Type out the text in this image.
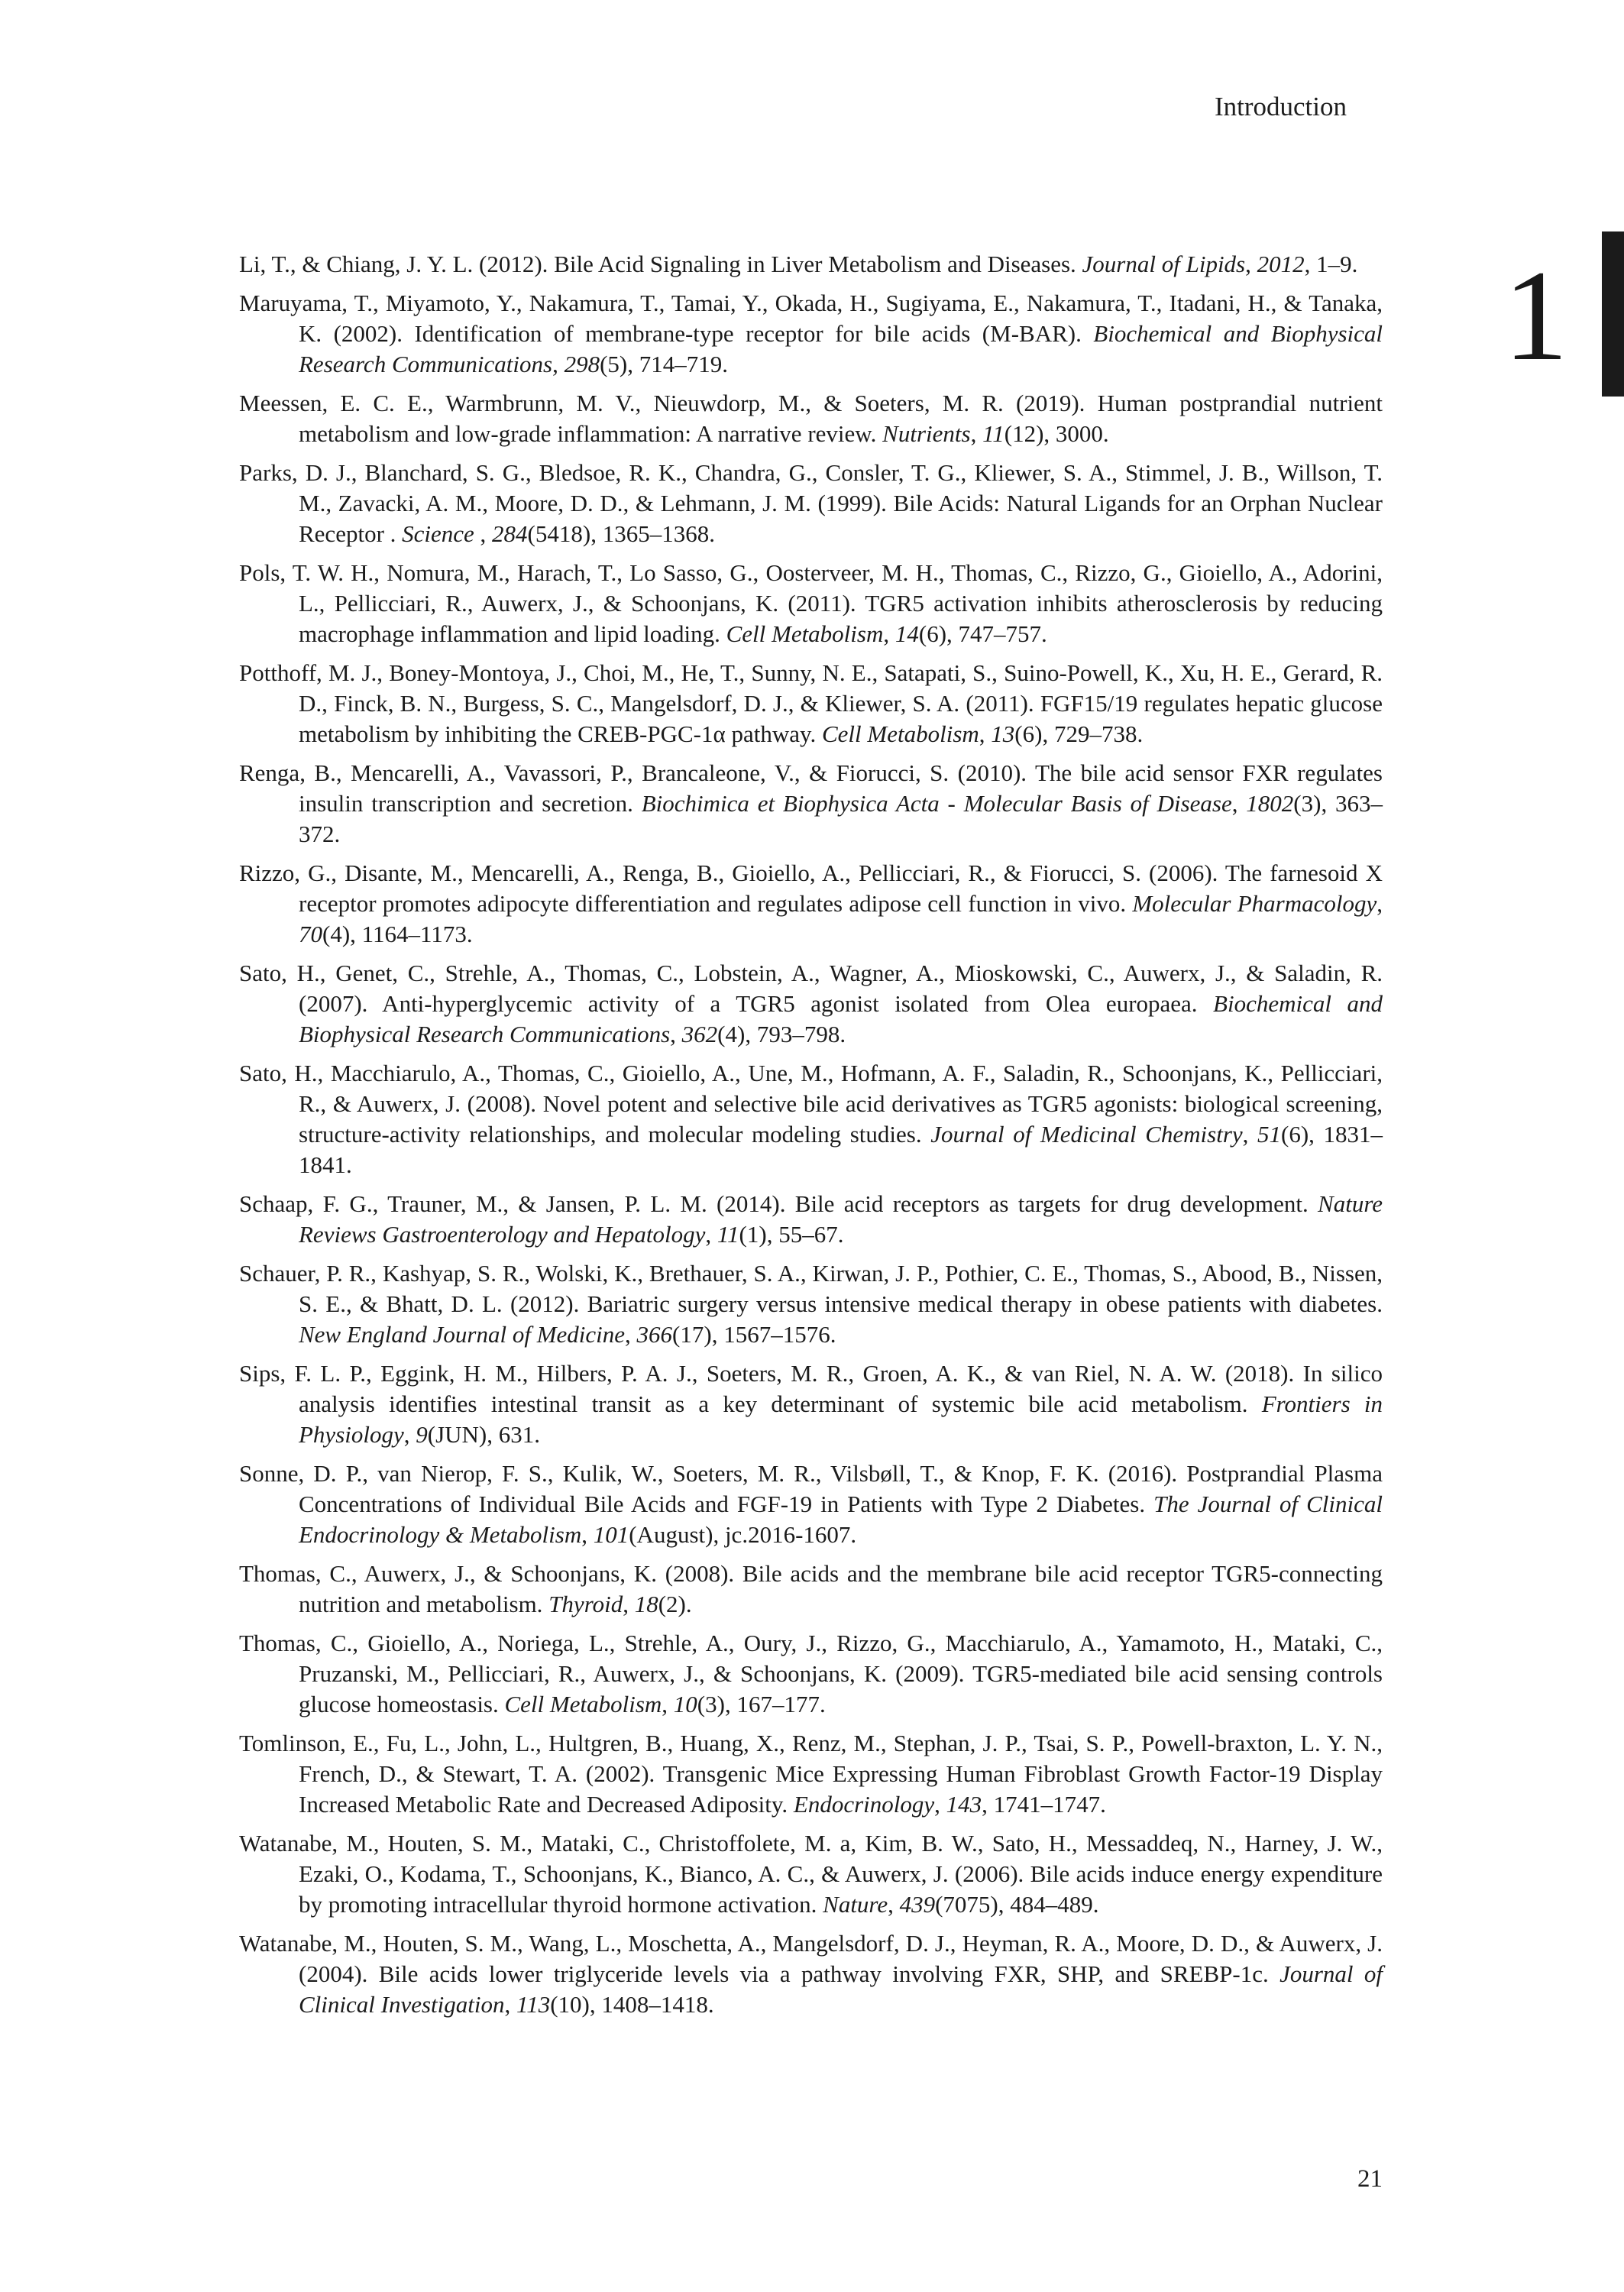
Introduction
1

Li, T., & Chiang, J. Y. L. (2012). Bile Acid Signaling in Liver Metabolism and Diseases. Journal of Lipids, 2012, 1–9.

Maruyama, T., Miyamoto, Y., Nakamura, T., Tamai, Y., Okada, H., Sugiyama, E., Nakamura, T., Itadani, H., & Tanaka, K. (2002). Identification of membrane-type receptor for bile acids (M-BAR). Biochemical and Biophysical Research Communications, 298(5), 714–719.

Meessen, E. C. E., Warmbrunn, M. V., Nieuwdorp, M., & Soeters, M. R. (2019). Human postprandial nutrient metabolism and low-grade inflammation: A narrative review. Nutrients, 11(12), 3000.

Parks, D. J., Blanchard, S. G., Bledsoe, R. K., Chandra, G., Consler, T. G., Kliewer, S. A., Stimmel, J. B., Willson, T. M., Zavacki, A. M., Moore, D. D., & Lehmann, J. M. (1999). Bile Acids: Natural Ligands for an Orphan Nuclear Receptor . Science , 284(5418), 1365–1368.

Pols, T. W. H., Nomura, M., Harach, T., Lo Sasso, G., Oosterveer, M. H., Thomas, C., Rizzo, G., Gioiello, A., Adorini, L., Pellicciari, R., Auwerx, J., & Schoonjans, K. (2011). TGR5 activation inhibits atherosclerosis by reducing macrophage inflammation and lipid loading. Cell Metabolism, 14(6), 747–757.

Potthoff, M. J., Boney-Montoya, J., Choi, M., He, T., Sunny, N. E., Satapati, S., Suino-Powell, K., Xu, H. E., Gerard, R. D., Finck, B. N., Burgess, S. C., Mangelsdorf, D. J., & Kliewer, S. A. (2011). FGF15/19 regulates hepatic glucose metabolism by inhibiting the CREB-PGC-1α pathway. Cell Metabolism, 13(6), 729–738.

Renga, B., Mencarelli, A., Vavassori, P., Brancaleone, V., & Fiorucci, S. (2010). The bile acid sensor FXR regulates insulin transcription and secretion. Biochimica et Biophysica Acta - Molecular Basis of Disease, 1802(3), 363–372.

Rizzo, G., Disante, M., Mencarelli, A., Renga, B., Gioiello, A., Pellicciari, R., & Fiorucci, S. (2006). The farnesoid X receptor promotes adipocyte differentiation and regulates adipose cell function in vivo. Molecular Pharmacology, 70(4), 1164–1173.

Sato, H., Genet, C., Strehle, A., Thomas, C., Lobstein, A., Wagner, A., Mioskowski, C., Auwerx, J., & Saladin, R. (2007). Anti-hyperglycemic activity of a TGR5 agonist isolated from Olea europaea. Biochemical and Biophysical Research Communications, 362(4), 793–798.

Sato, H., Macchiarulo, A., Thomas, C., Gioiello, A., Une, M., Hofmann, A. F., Saladin, R., Schoonjans, K., Pellicciari, R., & Auwerx, J. (2008). Novel potent and selective bile acid derivatives as TGR5 agonists: biological screening, structure-activity relationships, and molecular modeling studies. Journal of Medicinal Chemistry, 51(6), 1831–1841.

Schaap, F. G., Trauner, M., & Jansen, P. L. M. (2014). Bile acid receptors as targets for drug development. Nature Reviews Gastroenterology and Hepatology, 11(1), 55–67.

Schauer, P. R., Kashyap, S. R., Wolski, K., Brethauer, S. A., Kirwan, J. P., Pothier, C. E., Thomas, S., Abood, B., Nissen, S. E., & Bhatt, D. L. (2012). Bariatric surgery versus intensive medical therapy in obese patients with diabetes. New England Journal of Medicine, 366(17), 1567–1576.

Sips, F. L. P., Eggink, H. M., Hilbers, P. A. J., Soeters, M. R., Groen, A. K., & van Riel, N. A. W. (2018). In silico analysis identifies intestinal transit as a key determinant of systemic bile acid metabolism. Frontiers in Physiology, 9(JUN), 631.

Sonne, D. P., van Nierop, F. S., Kulik, W., Soeters, M. R., Vilsbøll, T., & Knop, F. K. (2016). Postprandial Plasma Concentrations of Individual Bile Acids and FGF-19 in Patients with Type 2 Diabetes. The Journal of Clinical Endocrinology & Metabolism, 101(August), jc.2016-1607.

Thomas, C., Auwerx, J., & Schoonjans, K. (2008). Bile acids and the membrane bile acid receptor TGR5-connecting nutrition and metabolism. Thyroid, 18(2).

Thomas, C., Gioiello, A., Noriega, L., Strehle, A., Oury, J., Rizzo, G., Macchiarulo, A., Yamamoto, H., Mataki, C., Pruzanski, M., Pellicciari, R., Auwerx, J., & Schoonjans, K. (2009). TGR5-mediated bile acid sensing controls glucose homeostasis. Cell Metabolism, 10(3), 167–177.

Tomlinson, E., Fu, L., John, L., Hultgren, B., Huang, X., Renz, M., Stephan, J. P., Tsai, S. P., Powell-braxton, L. Y. N., French, D., & Stewart, T. A. (2002). Transgenic Mice Expressing Human Fibroblast Growth Factor-19 Display Increased Metabolic Rate and Decreased Adiposity. Endocrinology, 143, 1741–1747.

Watanabe, M., Houten, S. M., Mataki, C., Christoffolete, M. a, Kim, B. W., Sato, H., Messaddeq, N., Harney, J. W., Ezaki, O., Kodama, T., Schoonjans, K., Bianco, A. C., & Auwerx, J. (2006). Bile acids induce energy expenditure by promoting intracellular thyroid hormone activation. Nature, 439(7075), 484–489.

Watanabe, M., Houten, S. M., Wang, L., Moschetta, A., Mangelsdorf, D. J., Heyman, R. A., Moore, D. D., & Auwerx, J. (2004). Bile acids lower triglyceride levels via a pathway involving FXR, SHP, and SREBP-1c. Journal of Clinical Investigation, 113(10), 1408–1418.

21
